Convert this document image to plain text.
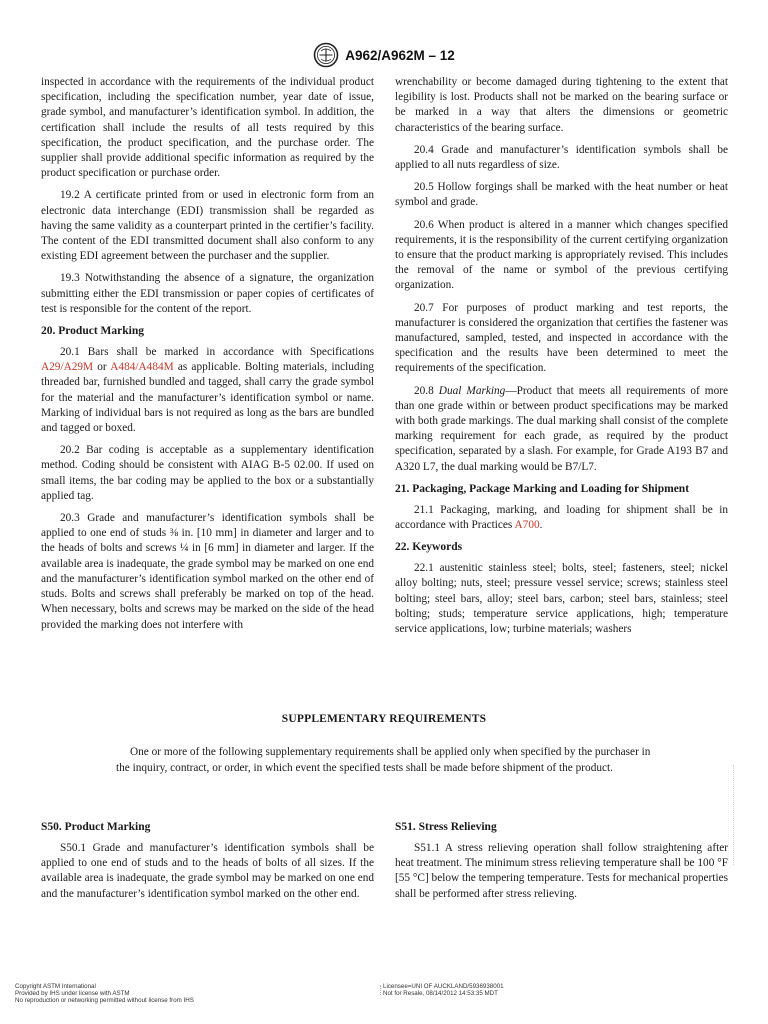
A962/A962M – 12

inspected in accordance with the requirements of the individual product specification, including the specification number, year date of issue, grade symbol, and manufacturer’s identification symbol. In addition, the certification shall include the results of all tests required by this specification, the product specification, and the purchase order. The supplier shall provide additional specific information as required by the product specification or purchase order.

19.2 A certificate printed from or used in electronic form from an electronic data interchange (EDI) transmission shall be regarded as having the same validity as a counterpart printed in the certifier’s facility. The content of the EDI transmitted document shall also conform to any existing EDI agreement between the purchaser and the supplier.

19.3 Notwithstanding the absence of a signature, the organization submitting either the EDI transmission or paper copies of certificates of test is responsible for the content of the report.

20. Product Marking

20.1 Bars shall be marked in accordance with Specifications A29/A29M or A484/A484M as applicable. Bolting materials, including threaded bar, furnished bundled and tagged, shall carry the grade symbol for the material and the manufacturer’s identification symbol or name. Marking of individual bars is not required as long as the bars are bundled and tagged or boxed.

20.2 Bar coding is acceptable as a supplementary identification method. Coding should be consistent with AIAG B-5 02.00. If used on small items, the bar coding may be applied to the box or a substantially applied tag.

20.3 Grade and manufacturer’s identification symbols shall be applied to one end of studs ⅜ in. [10 mm] in diameter and larger and to the heads of bolts and screws ¼ in [6 mm] in diameter and larger. If the available area is inadequate, the grade symbol may be marked on one end and the manufacturer’s identification symbol marked on the other end of studs. Bolts and screws shall preferably be marked on top of the head. When necessary, bolts and screws may be marked on the side of the head provided the marking does not interfere with

wrenchability or become damaged during tightening to the extent that legibility is lost. Products shall not be marked on the bearing surface or be marked in a way that alters the dimensions or geometric characteristics of the bearing surface.

20.4 Grade and manufacturer’s identification symbols shall be applied to all nuts regardless of size.

20.5 Hollow forgings shall be marked with the heat number or heat symbol and grade.

20.6 When product is altered in a manner which changes specified requirements, it is the responsibility of the current certifying organization to ensure that the product marking is appropriately revised. This includes the removal of the name or symbol of the previous certifying organization.

20.7 For purposes of product marking and test reports, the manufacturer is considered the organization that certifies the fastener was manufactured, sampled, tested, and inspected in accordance with the specification and the results have been determined to meet the requirements of the specification.

20.8 Dual Marking—Product that meets all requirements of more than one grade within or between product specifications may be marked with both grade markings. The dual marking shall consist of the complete marking requirement for each grade, as required by the product specification, separated by a slash. For example, for Grade A193 B7 and A320 L7, the dual marking would be B7/L7.

21. Packaging, Package Marking and Loading for Shipment

21.1 Packaging, marking, and loading for shipment shall be in accordance with Practices A700.

22. Keywords

22.1 austenitic stainless steel; bolts, steel; fasteners, steel; nickel alloy bolting; nuts, steel; pressure vessel service; screws; stainless steel bolting; steel bars, alloy; steel bars, carbon; steel bars, stainless; steel bolting; studs; temperature service applications, high; temperature service applications, low; turbine materials; washers

SUPPLEMENTARY REQUIREMENTS
One or more of the following supplementary requirements shall be applied only when specified by the purchaser in the inquiry, contract, or order, in which event the specified tests shall be made before shipment of the product.
S50. Product Marking

S50.1 Grade and manufacturer’s identification symbols shall be applied to one end of studs and to the heads of bolts of all sizes. If the available area is inadequate, the grade symbol may be marked on one end and the manufacturer’s identification symbol marked on the other end.

S51. Stress Relieving

S51.1 A stress relieving operation shall follow straightening after heat treatment. The minimum stress relieving temperature shall be 100 °F [55 °C] below the tempering temperature. Tests for mechanical properties shall be performed after stress relieving.

Copyright ASTM International
Provided by IHS under license with ASTM
No reproduction or networking permitted without license from IHS
Licensee=UNI OF AUCKLAND/5936938001
Not for Resale, 08/14/2012 14:53:35 MDT
